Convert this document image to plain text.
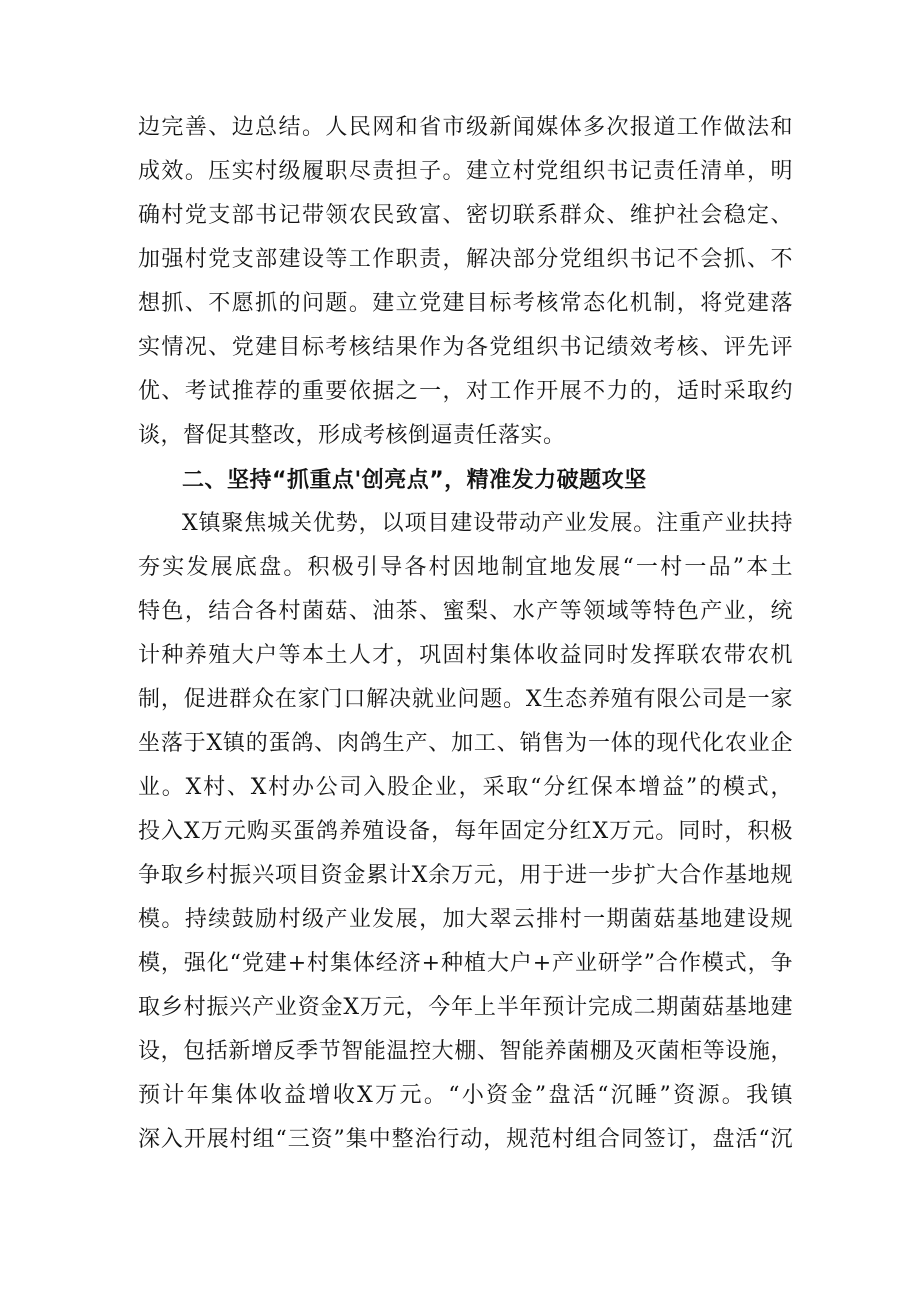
边完善、边总结。人民网和省市级新闻媒体多次报道工作做法和
成效。压实村级履职尽责担子。建立村党组织书记责任清单，明
确村党支部书记带领农民致富、密切联系群众、维护社会稳定、
加强村党支部建设等工作职责，解决部分党组织书记不会抓、不
想抓、不愿抓的问题。建立党建目标考核常态化机制，将党建落
实情况、党建目标考核结果作为各党组织书记绩效考核、评先评
优、考试推荐的重要依据之一，对工作开展不力的，适时采取约
谈，督促其整改，形成考核倒逼责任落实。
二、坚持“抓重点'创亮点”，精准发力破题攻坚
X镇聚焦城关优势，以项目建设带动产业发展。注重产业扶持
夯实发展底盘。积极引导各村因地制宜地发展“一村一品”本土
特色，结合各村菌菇、油茶、蜜梨、水产等领域等特色产业，统
计种养殖大户等本土人才，巩固村集体收益同时发挥联农带农机
制，促进群众在家门口解决就业问题。X生态养殖有限公司是一家
坐落于X镇的蛋鸽、肉鸽生产、加工、销售为一体的现代化农业企
业。X村、X村办公司入股企业，采取“分红保本增益”的模式，
投入X万元购买蛋鸽养殖设备，每年固定分红X万元。同时，积极
争取乡村振兴项目资金累计X余万元，用于进一步扩大合作基地规
模。持续鼓励村级产业发展，加大翠云排村一期菌菇基地建设规
模，强化“党建+村集体经济+种植大户+产业研学”合作模式，争
取乡村振兴产业资金X万元，今年上半年预计完成二期菌菇基地建
设，包括新增反季节智能温控大棚、智能养菌棚及灭菌柜等设施，
预计年集体收益增收X万元。“小资金”盘活“沉睡”资源。我镇
深入开展村组“三资”集中整治行动，规范村组合同签订，盘活“沉
